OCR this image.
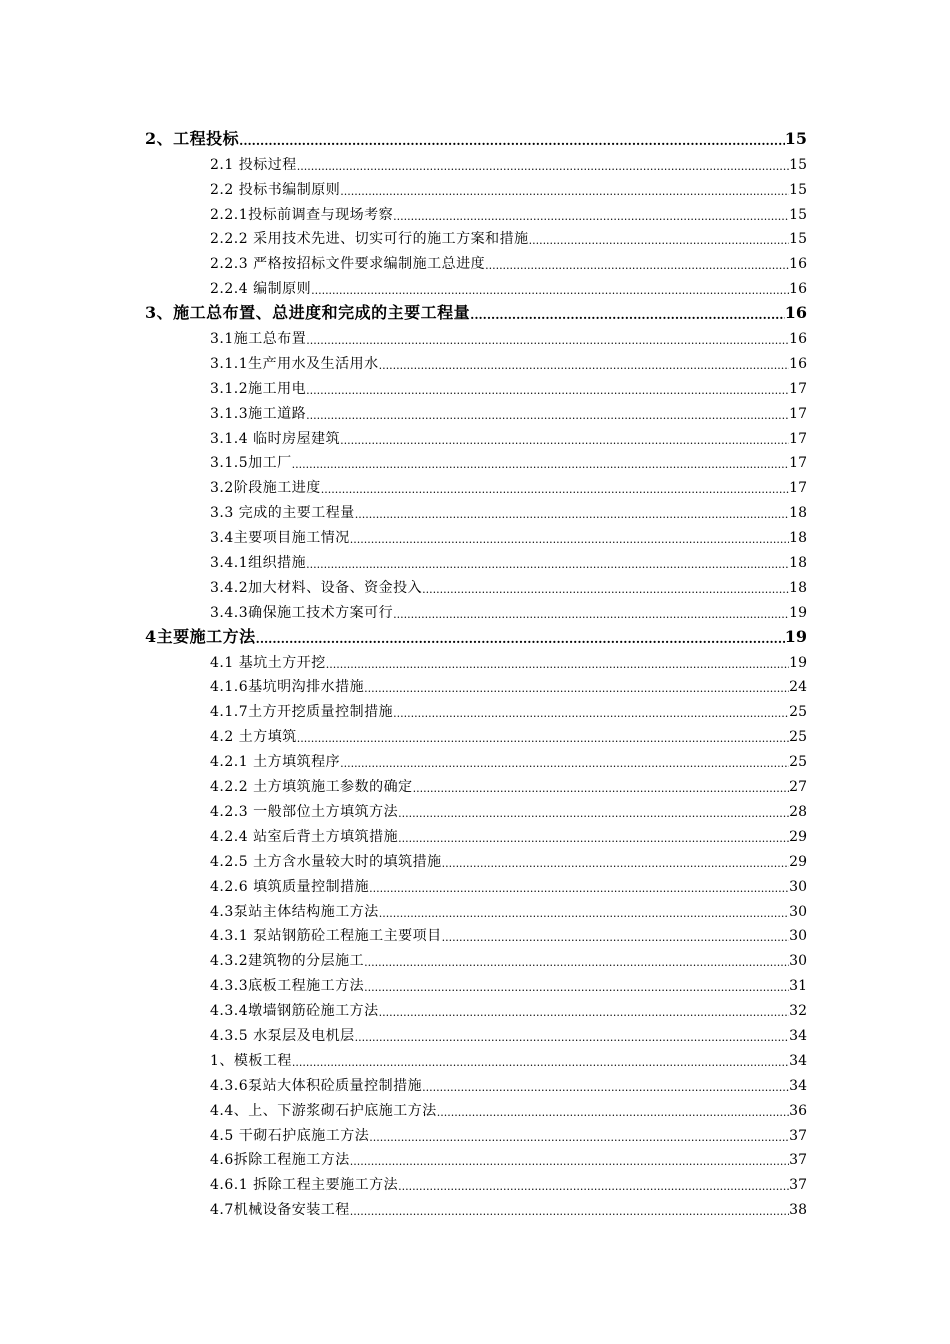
2、工程投标 .....	15
2.1 投标过程 .....	15
2.2 投标书编制原则 .....	15
2.2.1投标前调查与现场考察 .....	15
2.2.2 采用技术先进、切实可行的施工方案和措施 .....	15
2.2.3 严格按招标文件要求编制施工总进度 .....	16
2.2.4 编制原则 .....	16
3、施工总布置、总进度和完成的主要工程量 .....	16
3.1施工总布置 .....	16
3.1.1生产用水及生活用水 .....	16
3.1.2施工用电 .....	17
3.1.3施工道路 .....	17
3.1.4 临时房屋建筑 .....	17
3.1.5加工厂 .....	17
3.2阶段施工进度 .....	17
3.3 完成的主要工程量 .....	18
3.4主要项目施工情况 .....	18
3.4.1组织措施 .....	18
3.4.2加大材料、设备、资金投入 .....	18
3.4.3确保施工技术方案可行 .....	19
4主要施工方法 .....	19
4.1 基坑土方开挖 .....	19
4.1.6基坑明沟排水措施 .....	24
4.1.7土方开挖质量控制措施 .....	25
4.2 土方填筑 .....	25
4.2.1 土方填筑程序 .....	25
4.2.2 土方填筑施工参数的确定 .....	27
4.2.3 一般部位土方填筑方法 .....	28
4.2.4 站室后背土方填筑措施 .....	29
4.2.5 土方含水量较大时的填筑措施 .....	29
4.2.6 填筑质量控制措施 .....	30
4.3泵站主体结构施工方法 .....	30
4.3.1 泵站钢筋砼工程施工主要项目 .....	30
4.3.2建筑物的分层施工 .....	30
4.3.3底板工程施工方法 .....	31
4.3.4墩墙钢筋砼施工方法 .....	32
4.3.5 水泵层及电机层 .....	34
1、模板工程 .....	34
4.3.6泵站大体积砼质量控制措施 .....	34
4.4、上、下游浆砌石护底施工方法 .....	36
4.5 干砌石护底施工方法 .....	37
4.6拆除工程施工方法 .....	37
4.6.1 拆除工程主要施工方法 .....	37
4.7机械设备安装工程 .....	38
